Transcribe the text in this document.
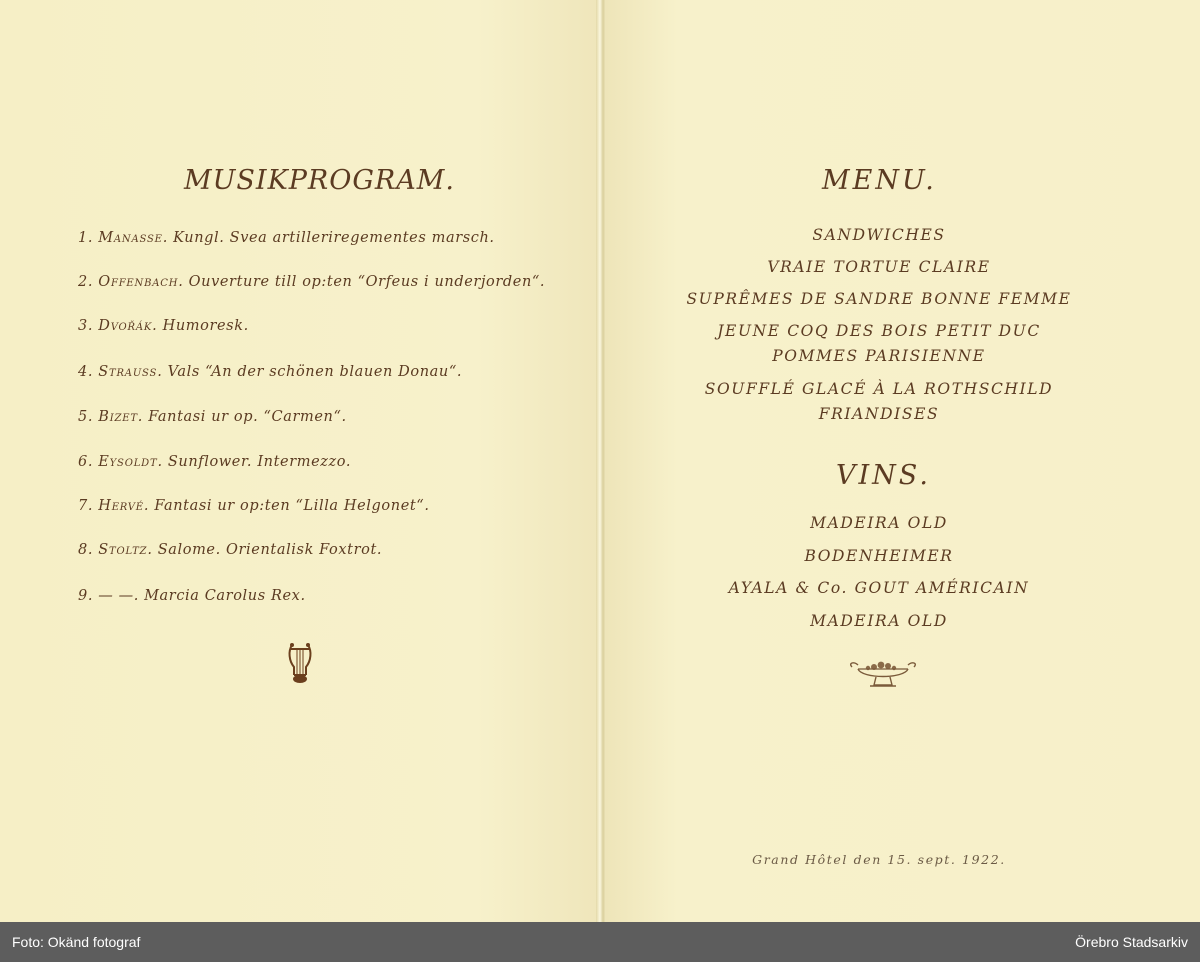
MUSIKPROGRAM.
1. Manasse. Kungl. Svea artilleriregementes marsch.
2. Offenbach. Ouverture till op:ten “Orfeus i underjorden“.
3. Dvořák. Humoresk.
4. Strauss. Vals “An der schönen blauen Donau“.
5. Bizet. Fantasi ur op. “Carmen“.
6. Eysoldt. Sunflower. Intermezzo.
7. Hervé. Fantasi ur op:ten “Lilla Helgonet“.
8. Stoltz. Salome. Orientalisk Foxtrot.
9. — —. Marcia Carolus Rex.
MENU.
SANDWICHES
VRAIE TORTUE CLAIRE
SUPRÊMES DE SANDRE BONNE FEMME
JEUNE COQ DES BOIS PETIT DUC
POMMES PARISIENNE
SOUFFLÉ GLACÉ À LA ROTHSCHILD
FRIANDISES
VINS.
MADEIRA OLD
BODENHEIMER
AYALA & Co. GOUT AMÉRICAIN
MADEIRA OLD
Grand Hôtel den 15. sept. 1922.
Foto: Okänd fotograf	Örebro Stadsarkiv
